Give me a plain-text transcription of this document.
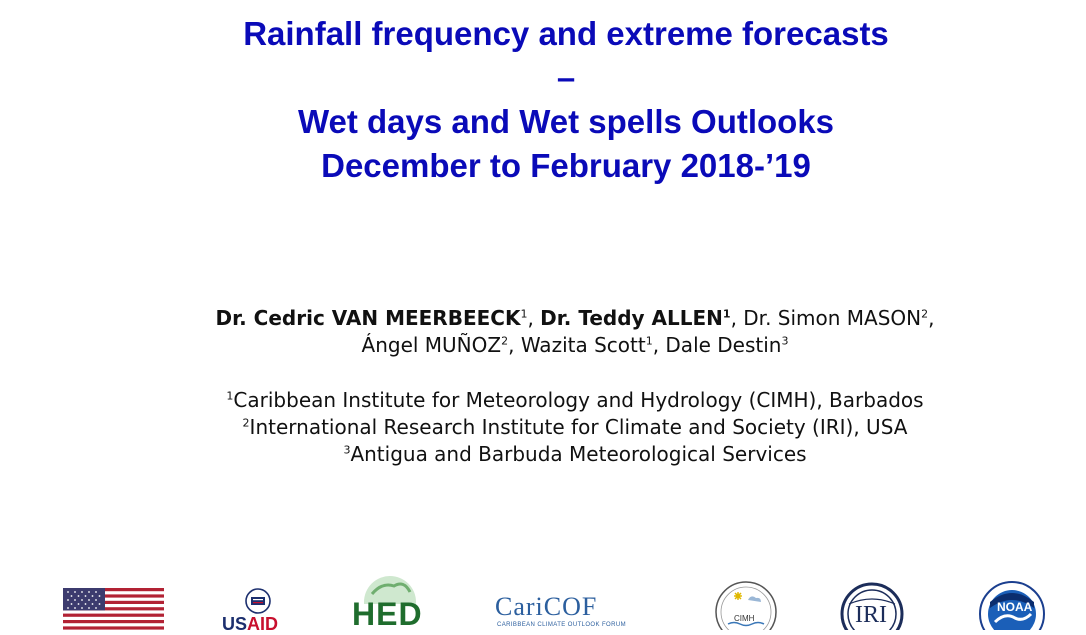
Rainfall frequency and extreme forecasts
–
Wet days and Wet spells Outlooks
December to February 2018-’19
Dr. Cedric VAN MEERBEECK$^1$, Dr. Teddy ALLEN$^1$, Dr. Simon MASON$^2$,
Ángel MUÑOZ$^2$, Wazita Scott$^1$, Dale Destin$^3$
$^1$Caribbean Institute for Meteorology and Hydrology (CIMH), Barbados
$^2$International Research Institute for Climate and Society (IRI), USA
$^3$Antigua and Barbuda Meteorological Services
USAID HED	CariCOF
CARIBBEAN CLIMATE OUTLOOK FORUM
CIMH	IRI	NOAA
